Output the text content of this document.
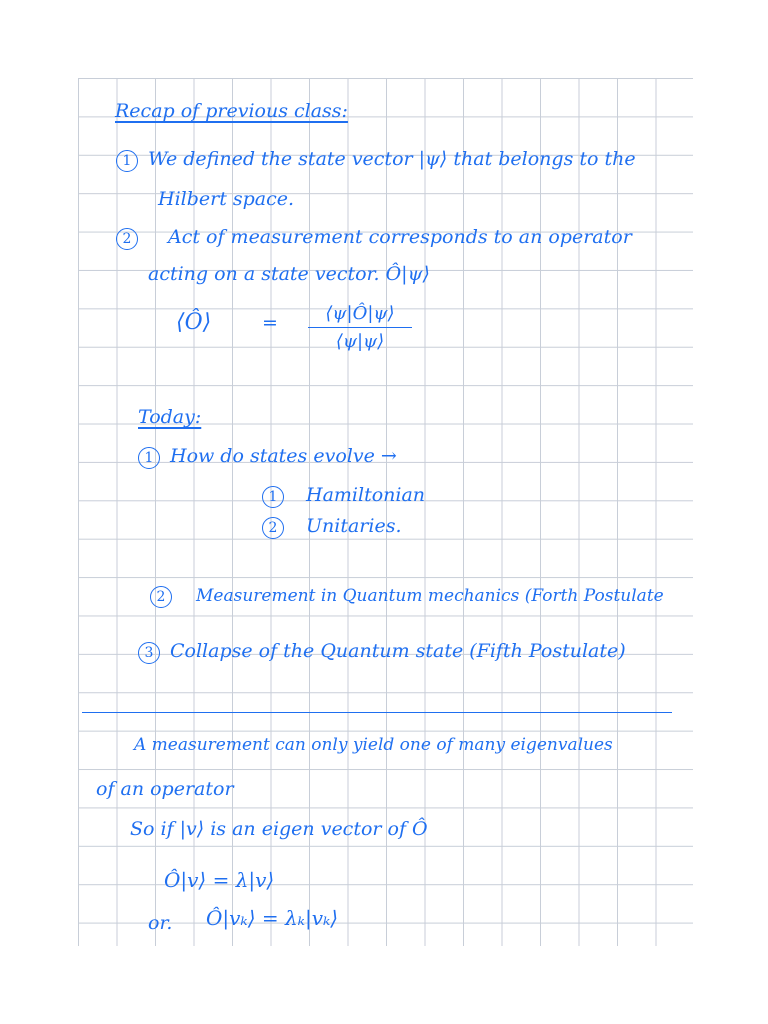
Recap of previous class:
1 We defined the state vector |ψ⟩ that belongs to the
Hilbert space.
2 Act of measurement corresponds to an operator
acting on a state vector. Ô|ψ⟩
⟨Ô⟩	=	⟨ψ|Ô|ψ⟩
⟨ψ|ψ⟩
Today:
1 How do states evolve →
1 Hamiltonian
2 Unitaries.
2 Measurement in Quantum mechanics (Forth Postulate
3 Collapse of the Quantum state (Fifth Postulate)
A measurement can only yield one of many eigenvalues
of an operator
So if |v⟩ is an eigen vector of Ô
Ô|v⟩ = λ|v⟩
or. Ô|vₖ⟩ = λₖ|vₖ⟩
